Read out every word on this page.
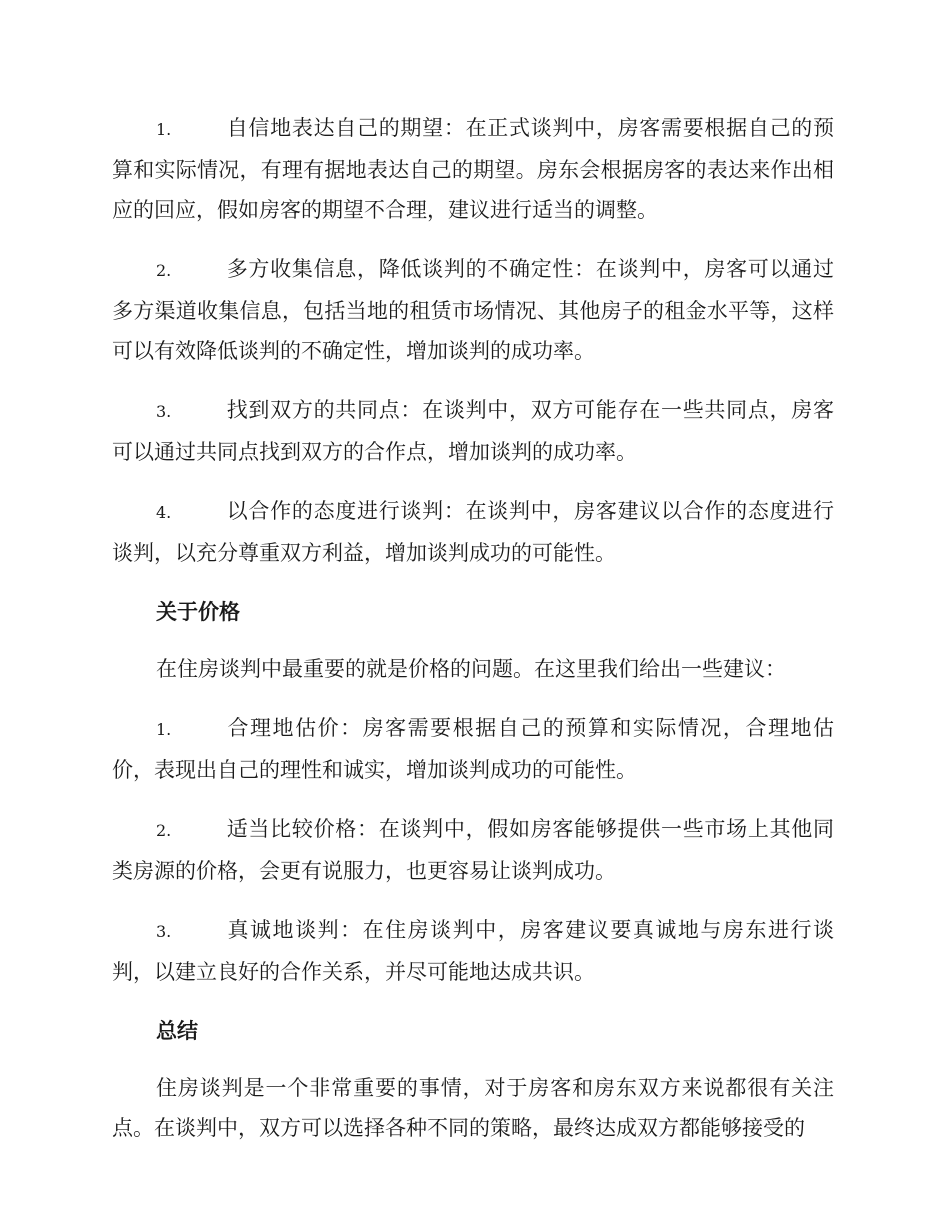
1.	自信地表达自己的期望：在正式谈判中，房客需要根据自己的预算和实际情况，有理有据地表达自己的期望。房东会根据房客的表达来作出相应的回应，假如房客的期望不合理，建议进行适当的调整。

2.	多方收集信息，降低谈判的不确定性：在谈判中，房客可以通过多方渠道收集信息，包括当地的租赁市场情况、其他房子的租金水平等，这样可以有效降低谈判的不确定性，增加谈判的成功率。

3.	找到双方的共同点：在谈判中，双方可能存在一些共同点，房客可以通过共同点找到双方的合作点，增加谈判的成功率。

4.	以合作的态度进行谈判：在谈判中，房客建议以合作的态度进行谈判，以充分尊重双方利益，增加谈判成功的可能性。

关于价格

在住房谈判中最重要的就是价格的问题。在这里我们给出一些建议：

1.	合理地估价：房客需要根据自己的预算和实际情况，合理地估价，表现出自己的理性和诚实，增加谈判成功的可能性。

2.	适当比较价格：在谈判中，假如房客能够提供一些市场上其他同类房源的价格，会更有说服力，也更容易让谈判成功。

3.	真诚地谈判：在住房谈判中，房客建议要真诚地与房东进行谈判，以建立良好的合作关系，并尽可能地达成共识。

总结

住房谈判是一个非常重要的事情，对于房客和房东双方来说都很有关注点。在谈判中，双方可以选择各种不同的策略，最终达成双方都能够接受的
